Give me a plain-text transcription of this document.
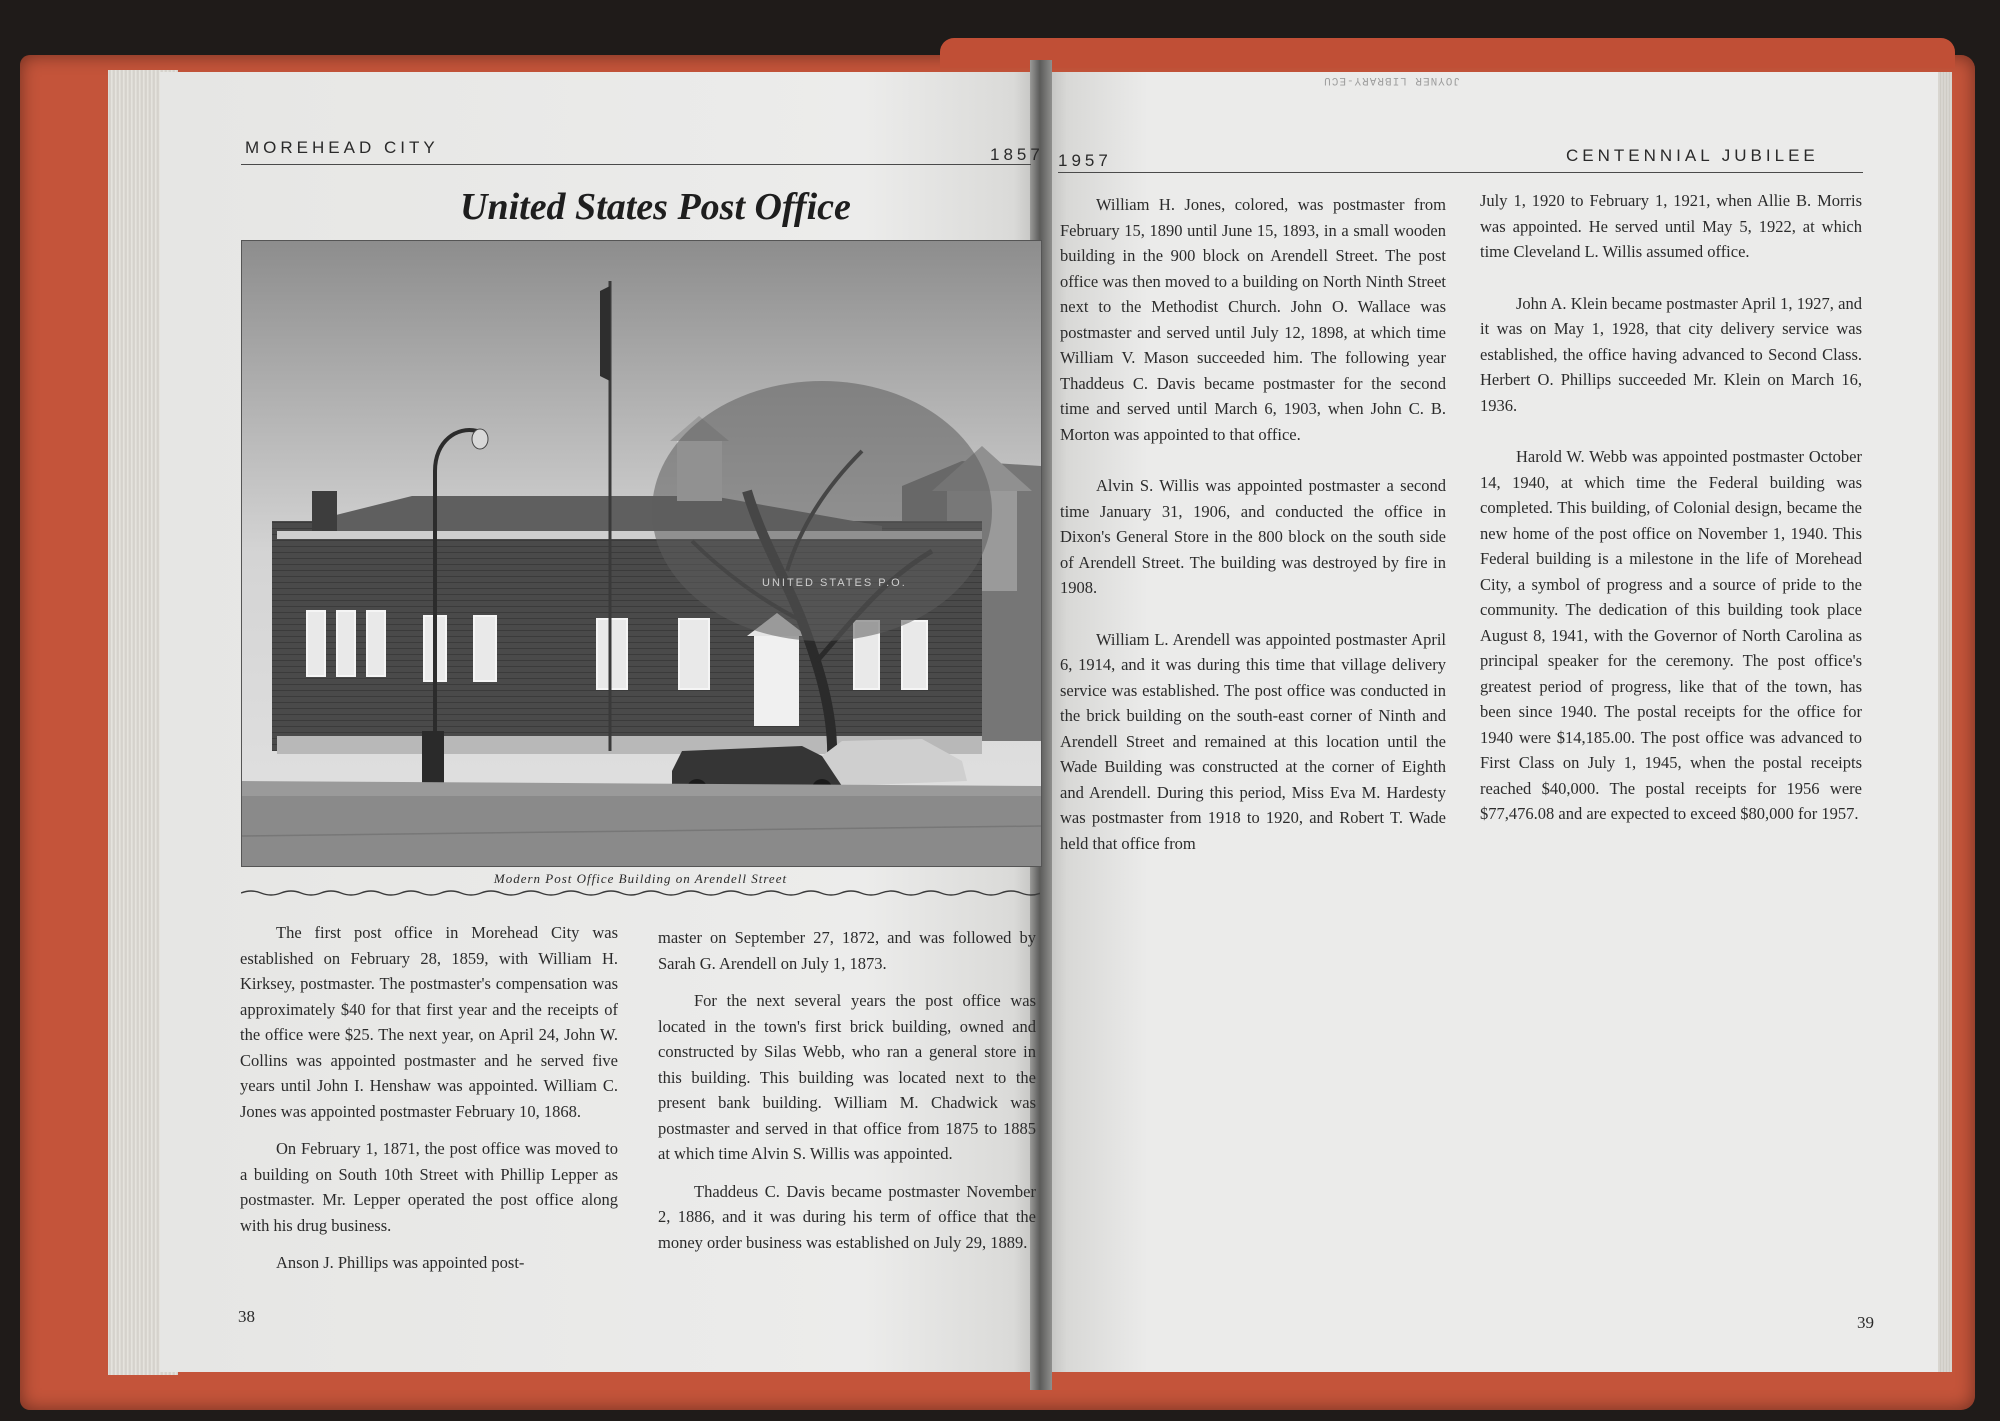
JOYNER LIBRARY-ECU
MOREHEAD CITY	1857 1957	CENTENNIAL JUBILEE
United States Post Office
UNITED STATES P.O.
Modern Post Office Building on Arendell Street

The first post office in Morehead City was established on February 28, 1859, with William H. Kirksey, postmaster. The postmaster's compensation was approximately $40 for that first year and the receipts of the office were $25. The next year, on April 24, John W. Collins was appointed postmaster and he served five years until John I. Henshaw was appointed. William C. Jones was appointed postmaster February 10, 1868.

On February 1, 1871, the post office was moved to a building on South 10th Street with Phillip Lepper as postmaster. Mr. Lepper operated the post office along with his drug business.

Anson J. Phillips was appointed post-

master on September 27, 1872, and was followed by Sarah G. Arendell on July 1, 1873.

For the next several years the post office was located in the town's first brick building, owned and constructed by Silas Webb, who ran a general store in this building. This building was located next to the present bank building. William M. Chadwick was postmaster and served in that office from 1875 to 1885 at which time Alvin S. Willis was appointed.

Thaddeus C. Davis became postmaster November 2, 1886, and it was during his term of office that the money order business was established on July 29, 1889.

William H. Jones, colored, was postmaster from February 15, 1890 until June 15, 1893, in a small wooden building in the 900 block on Arendell Street. The post office was then moved to a building on North Ninth Street next to the Methodist Church. John O. Wallace was postmaster and served until July 12, 1898, at which time William V. Mason succeeded him. The following year Thaddeus C. Davis became postmaster for the second time and served until March 6, 1903, when John C. B. Morton was appointed to that office.

Alvin S. Willis was appointed postmaster a second time January 31, 1906, and conducted the office in Dixon's General Store in the 800 block on the south side of Arendell Street. The building was destroyed by fire in 1908.

William L. Arendell was appointed postmaster April 6, 1914, and it was during this time that village delivery service was established. The post office was conducted in the brick building on the south-east corner of Ninth and Arendell Street and remained at this location until the Wade Building was constructed at the corner of Eighth and Arendell. During this period, Miss Eva M. Hardesty was postmaster from 1918 to 1920, and Robert T. Wade held that office from

July 1, 1920 to February 1, 1921, when Allie B. Morris was appointed. He served until May 5, 1922, at which time Cleveland L. Willis assumed office.

John A. Klein became postmaster April 1, 1927, and it was on May 1, 1928, that city delivery service was established, the office having advanced to Second Class. Herbert O. Phillips succeeded Mr. Klein on March 16, 1936.

Harold W. Webb was appointed postmaster October 14, 1940, at which time the Federal building was completed. This building, of Colonial design, became the new home of the post office on November 1, 1940. This Federal building is a milestone in the life of Morehead City, a symbol of progress and a source of pride to the community. The dedication of this building took place August 8, 1941, with the Governor of North Carolina as principal speaker for the ceremony. The post office's greatest period of progress, like that of the town, has been since 1940. The postal receipts for the office for 1940 were $14,185.00. The post office was advanced to First Class on July 1, 1945, when the postal receipts reached $40,000. The postal receipts for 1956 were $77,476.08 and are expected to exceed $80,000 for 1957.

38	39
